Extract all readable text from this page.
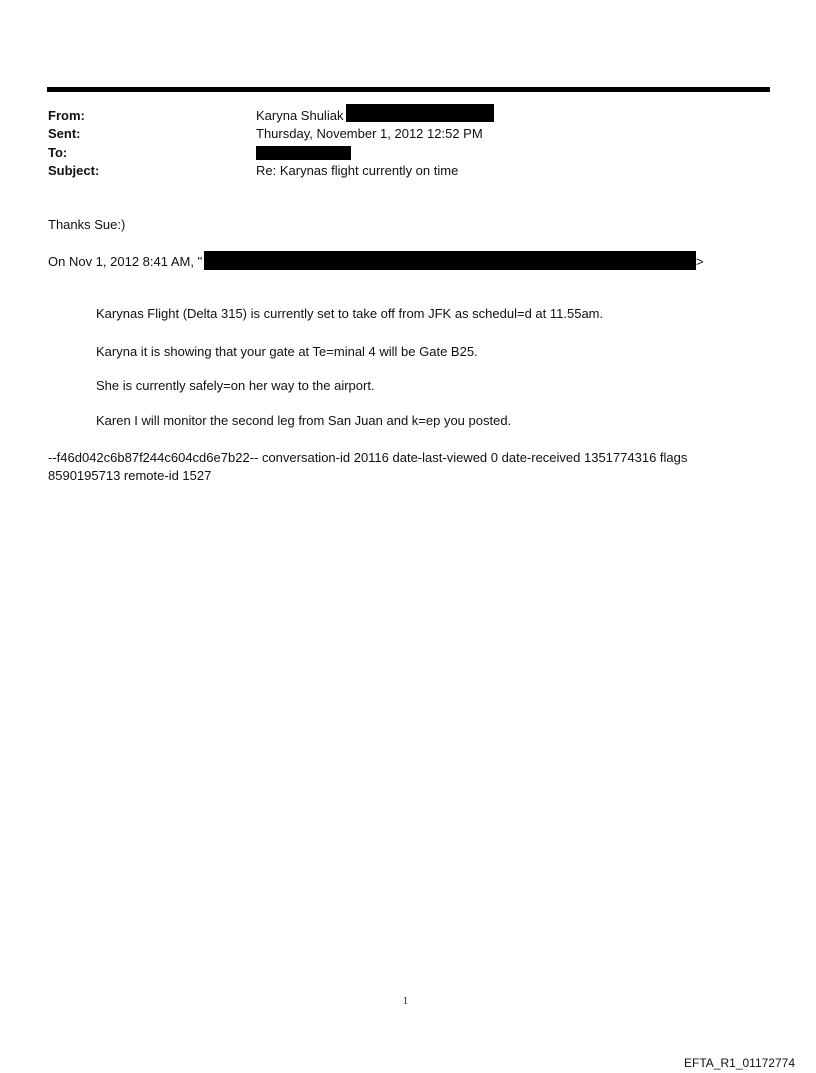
From:	Karyna Shuliak
Sent:	Thursday, November 1, 2012 12:52 PM
To:
Subject:	Re: Karynas flight currently on time
Thanks Sue:)
On Nov 1, 2012 8:41 AM, "	>
Karynas Flight (Delta 315) is currently set to take off from JFK as schedul=d at 11.55am.
Karyna it is showing that your gate at Te=minal 4 will be Gate B25.
She is currently safely=on her way to the airport.
Karen I will monitor the second leg from San Juan and k=ep you posted.
--f46d042c6b87f244c604cd6e7b22-- conversation-id 20116 date-last-viewed 0 date-received 1351774316 flags 8590195713 remote-id 1527
1
EFTA_R1_01172774
